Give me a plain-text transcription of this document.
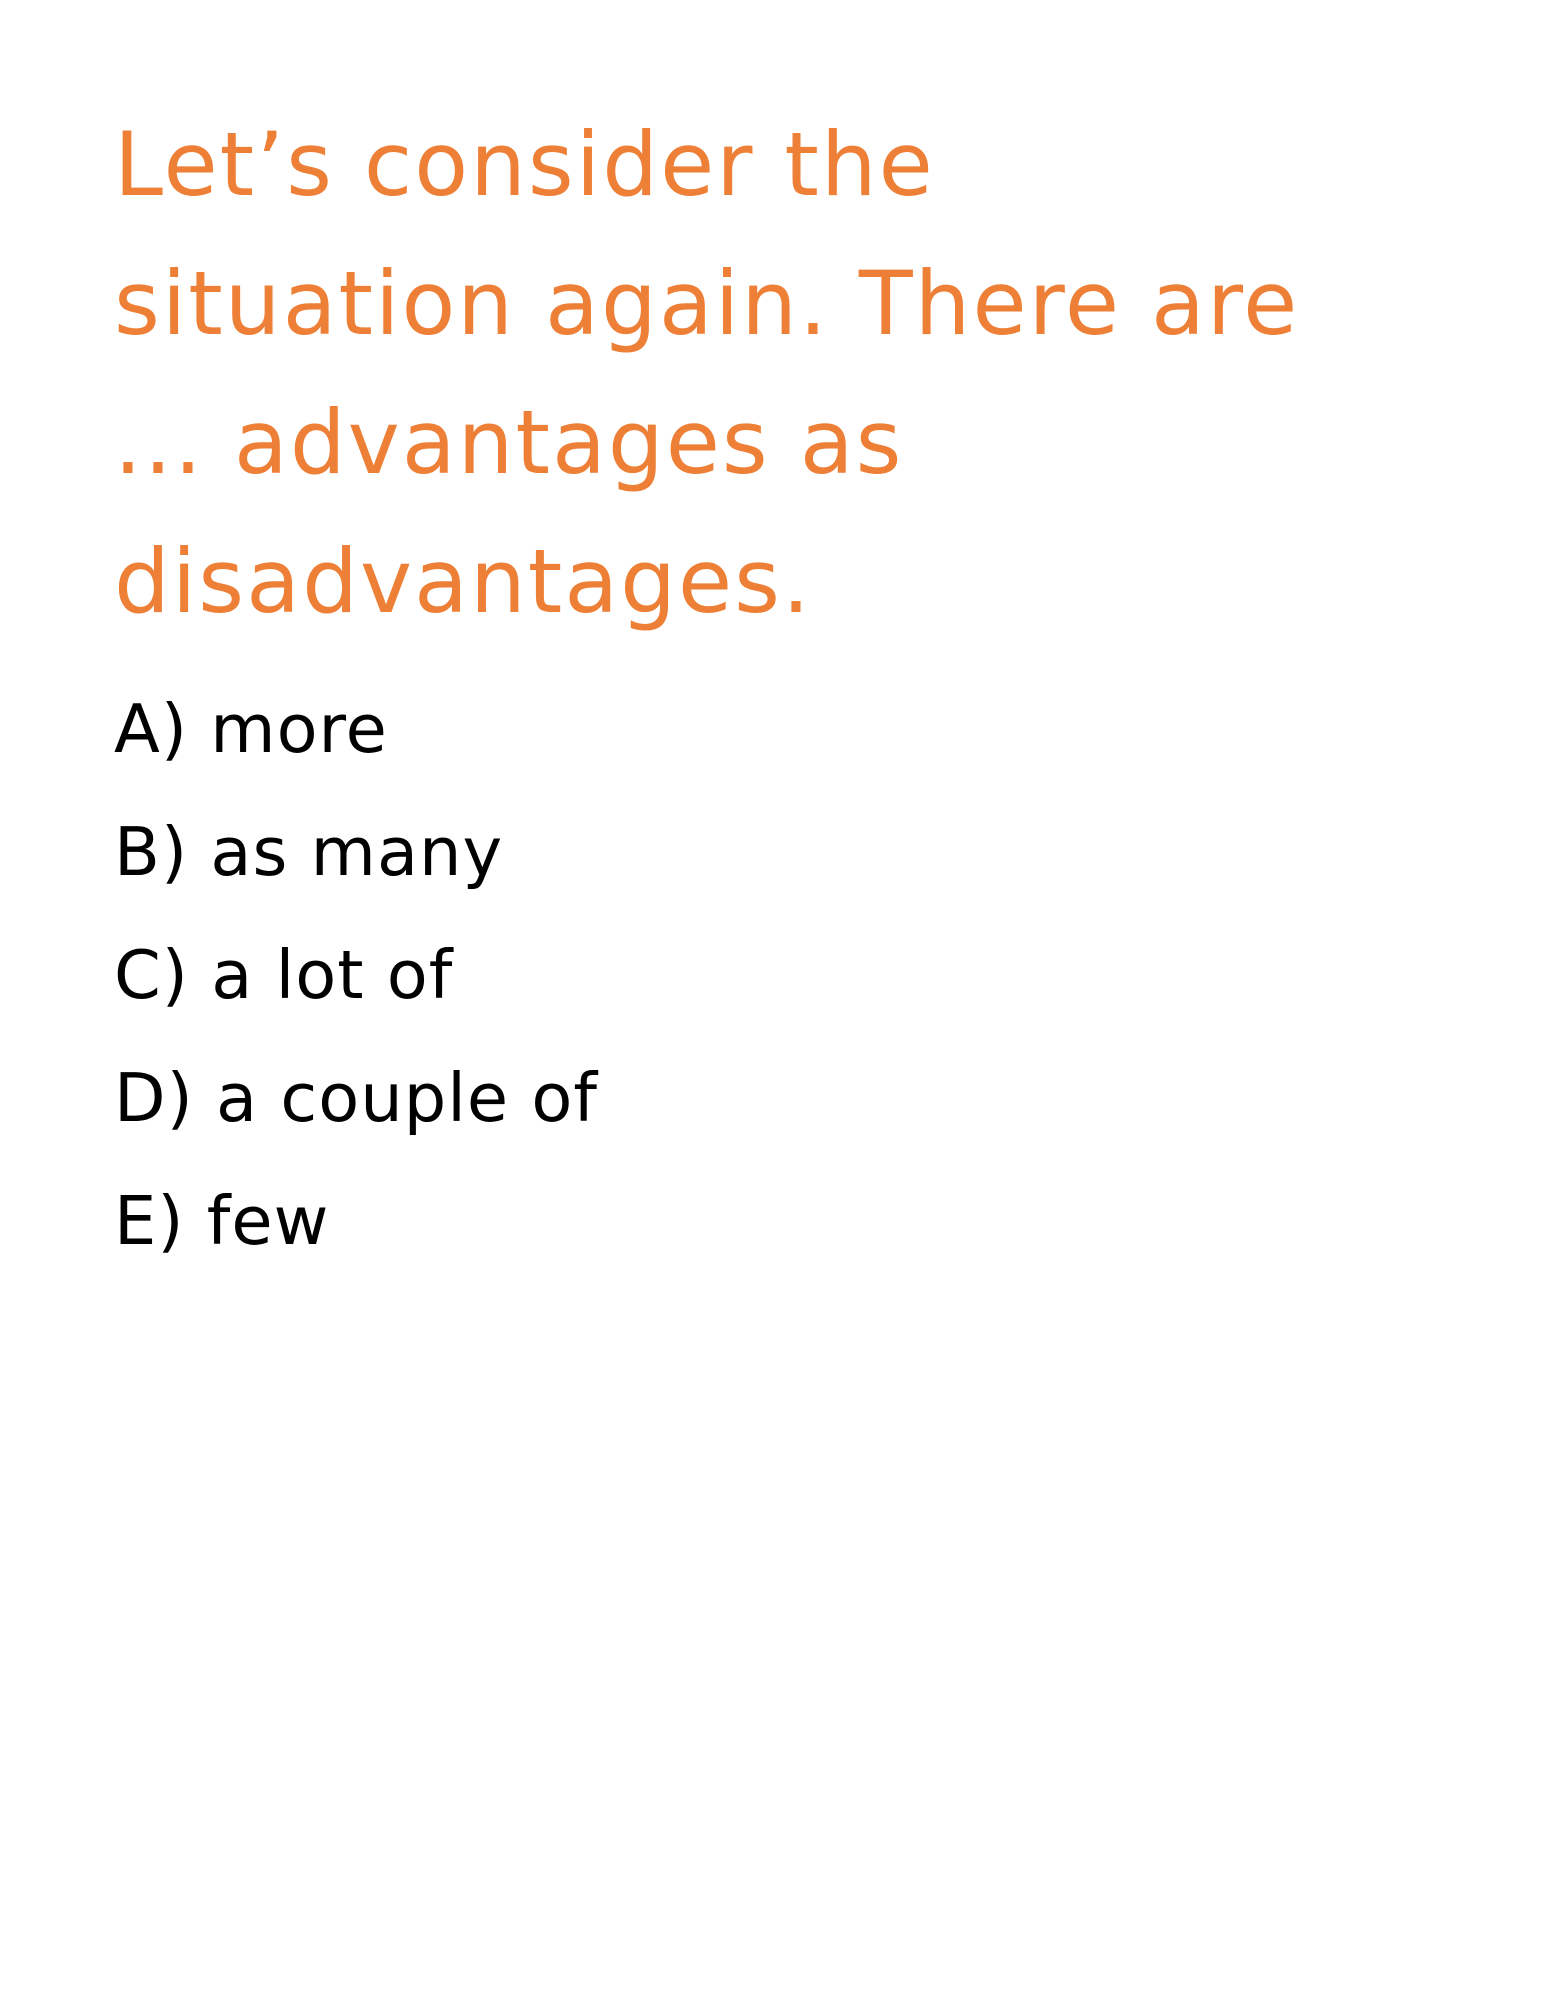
Let’s consider the
situation again. There are
... advantages as
disadvantages.
A) more
B) as many
C) a lot of
D) a couple of
E) few
